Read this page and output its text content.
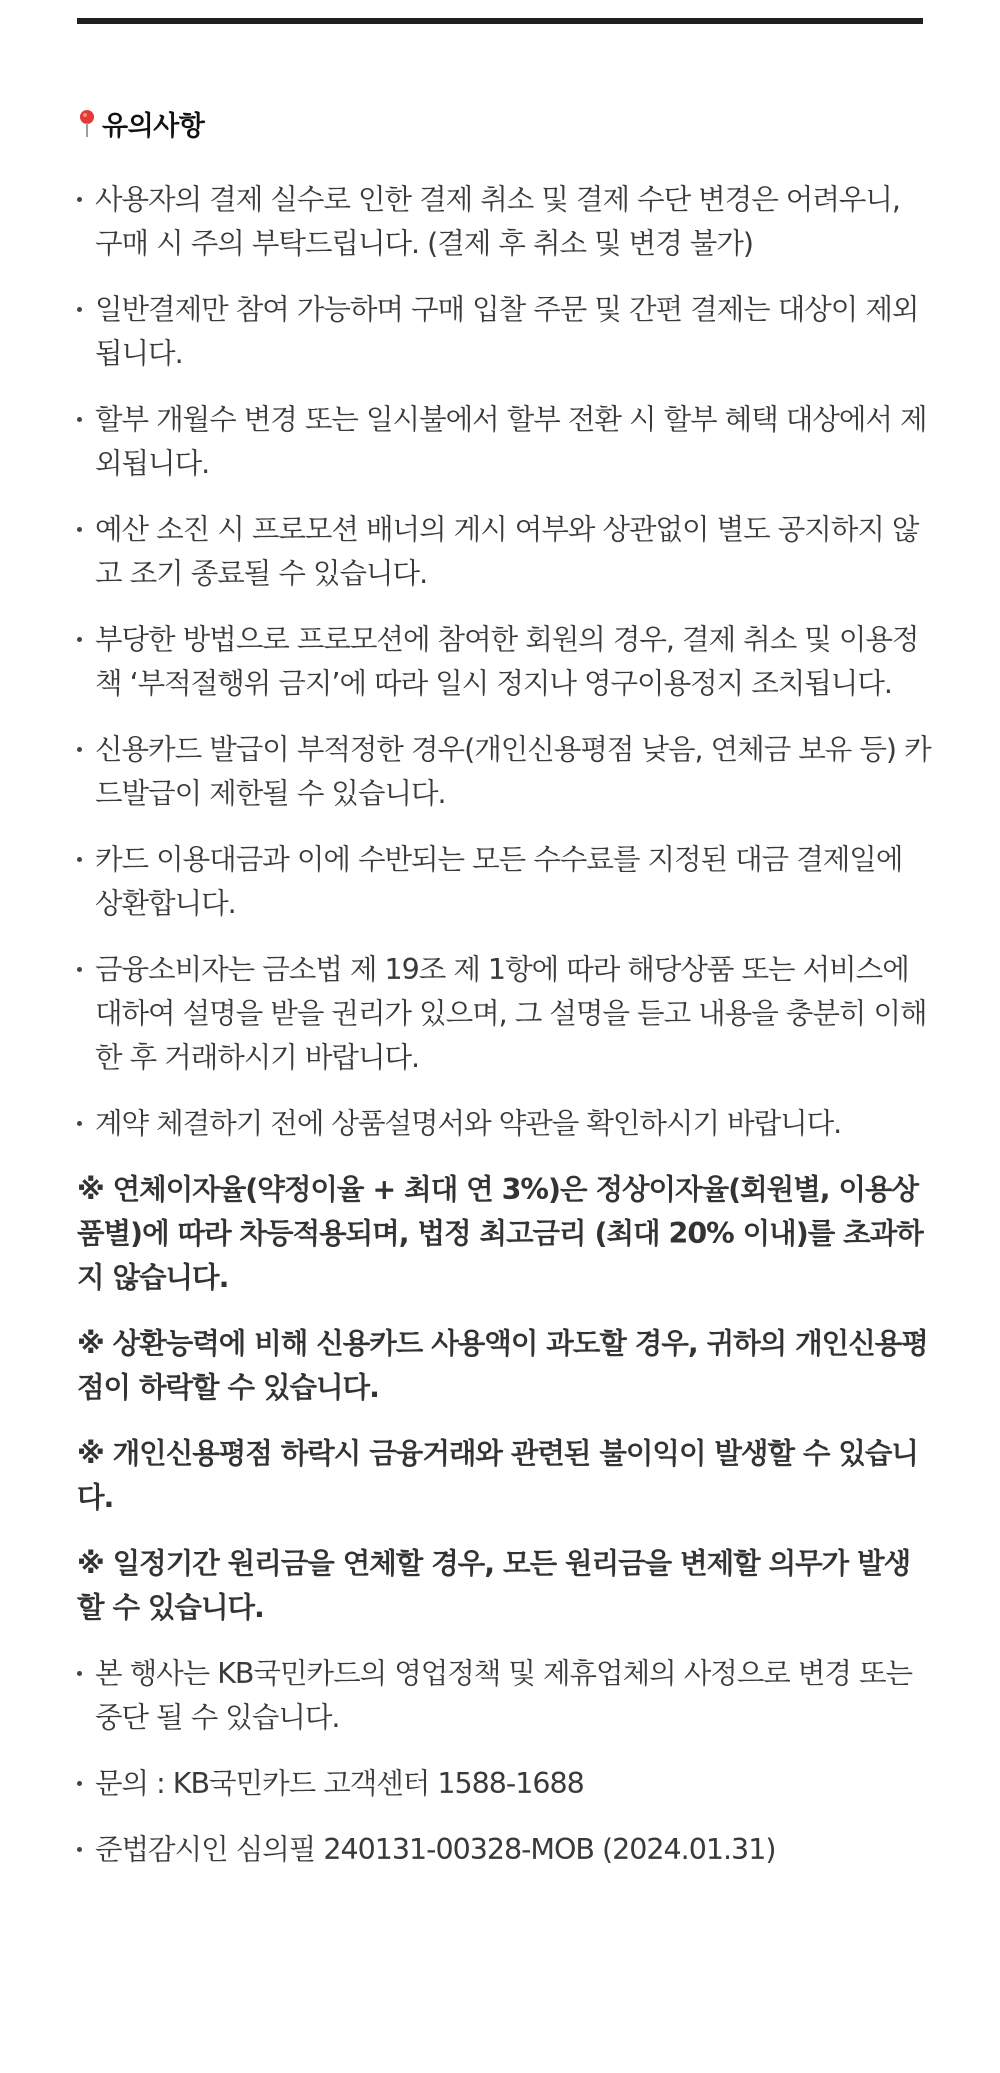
유의사항
사용자의 결제 실수로 인한 결제 취소 및 결제 수단 변경은 어려우니, 구매 시 주의 부탁드립니다. (결제 후 취소 및 변경 불가)
일반결제만 참여 가능하며 구매 입찰 주문 및 간편 결제는 대상이 제외됩니다.
할부 개월수 변경 또는 일시불에서 할부 전환 시 할부 혜택 대상에서 제외됩니다.
예산 소진 시 프로모션 배너의 게시 여부와 상관없이 별도 공지하지 않고 조기 종료될 수 있습니다.
부당한 방법으로 프로모션에 참여한 회원의 경우, 결제 취소 및 이용정책 ‘부적절행위 금지’에 따라 일시 정지나 영구이용정지 조치됩니다.
신용카드 발급이 부적정한 경우(개인신용평점 낮음, 연체금 보유 등) 카드발급이 제한될 수 있습니다.
카드 이용대금과 이에 수반되는 모든 수수료를 지정된 대금 결제일에 상환합니다.
금융소비자는 금소법 제 19조 제 1항에 따라 해당상품 또는 서비스에 대하여 설명을 받을 권리가 있으며, 그 설명을 듣고 내용을 충분히 이해한 후 거래하시기 바랍니다.
계약 체결하기 전에 상품설명서와 약관을 확인하시기 바랍니다.
※ 연체이자율(약정이율 + 최대 연 3%)은 정상이자율(회원별, 이용상품별)에 따라 차등적용되며, 법정 최고금리 (최대 20% 이내)를 초과하지 않습니다.
※ 상환능력에 비해 신용카드 사용액이 과도할 경우, 귀하의 개인신용평점이 하락할 수 있습니다.
※ 개인신용평점 하락시 금융거래와 관련된 불이익이 발생할 수 있습니다.
※ 일정기간 원리금을 연체할 경우, 모든 원리금을 변제할 의무가 발생할 수 있습니다.
본 행사는 KB국민카드의 영업정책 및 제휴업체의 사정으로 변경 또는 중단 될 수 있습니다.
문의 : KB국민카드 고객센터 1588-1688
준법감시인 심의필 240131-00328-MOB (2024.01.31)
